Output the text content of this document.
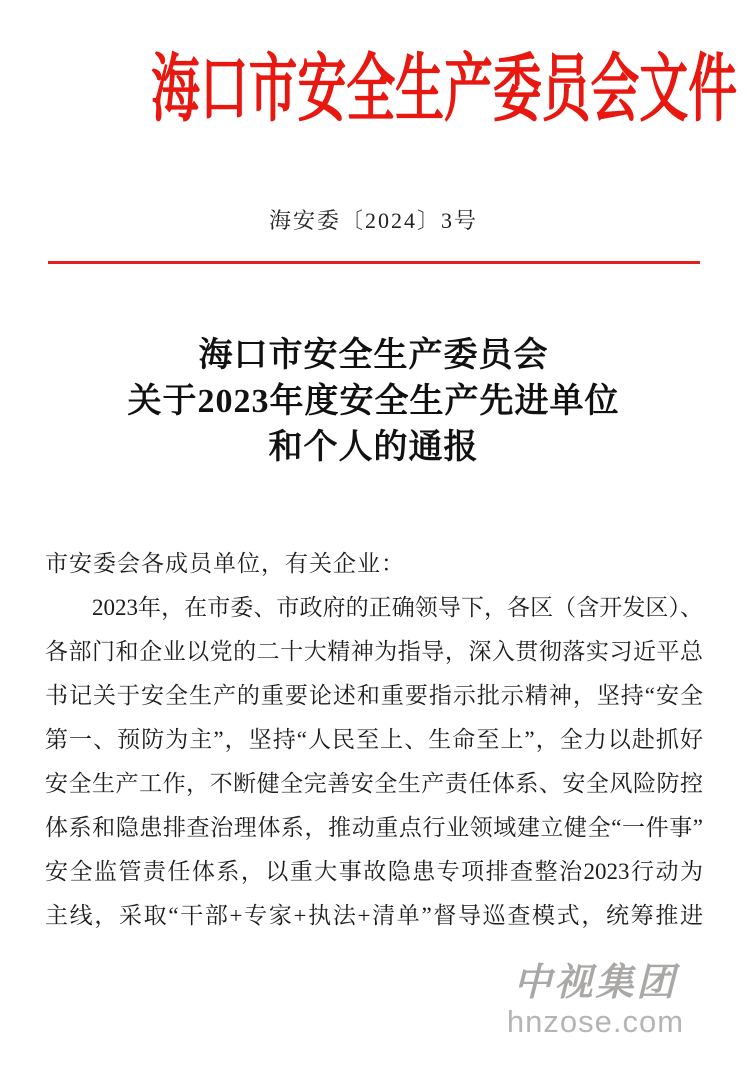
海口市安全生产委员会文件
海安委〔2024〕3号
海口市安全生产委员会
关于2023年度安全生产先进单位
和个人的通报
市安委会各成员单位，有关企业：
2023年，在市委、市政府的正确领导下，各区（含开发区）、
各部门和企业以党的二十大精神为指导，深入贯彻落实习近平总
书记关于安全生产的重要论述和重要指示批示精神，坚持“安全
第一、预防为主”，坚持“人民至上、生命至上”，全力以赴抓好
安全生产工作，不断健全完善安全生产责任体系、安全风险防控
体系和隐患排查治理体系，推动重点行业领域建立健全“一件事”
安全监管责任体系，以重大事故隐患专项排查整治2023行动为
主线，采取“干部+专家+执法+清单”督导巡查模式，统筹推进
中视集团
hnzose.com
